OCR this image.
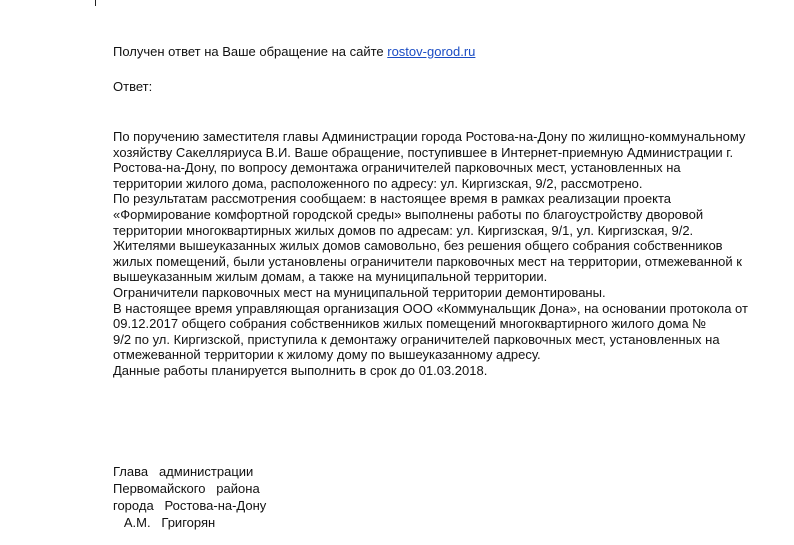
Получен ответ на Ваше обращение на сайте rostov-gorod.ru
Ответ:
По поручению заместителя главы Администрации города Ростова-на-Дону по жилищно-коммунальному
хозяйству Сакелляриуса В.И. Ваше обращение, поступившее в Интернет-приемную Администрации г.
Ростова-на-Дону, по вопросу демонтажа ограничителей парковочных мест, установленных на
территории жилого дома, расположенного по адресу: ул. Киргизская, 9/2, рассмотрено.
По результатам рассмотрения сообщаем: в настоящее время в рамках реализации проекта
«Формирование комфортной городской среды» выполнены работы по благоустройству дворовой
территории многоквартирных жилых домов по адресам: ул. Киргизская, 9/1, ул. Киргизская, 9/2.
Жителями вышеуказанных жилых домов самовольно, без решения общего собрания собственников
жилых помещений, были установлены ограничители парковочных мест на территории, отмежеванной к
вышеуказанным жилым домам, а также на муниципальной территории.
Ограничители парковочных мест на муниципальной территории демонтированы.
В настоящее время управляющая организация ООО «Коммунальщик Дона», на основании протокола от
09.12.2017 общего собрания собственников жилых помещений многоквартирного жилого дома №
9/2 по ул. Киргизской, приступила к демонтажу ограничителей парковочных мест, установленных на
отмежеванной территории к жилому дому по вышеуказанному адресу.
Данные работы планируется выполнить в срок до 01.03.2018.
Глава   администрации
Первомайского   района
города   Ростова-на-Дону
А.М.   Григорян
